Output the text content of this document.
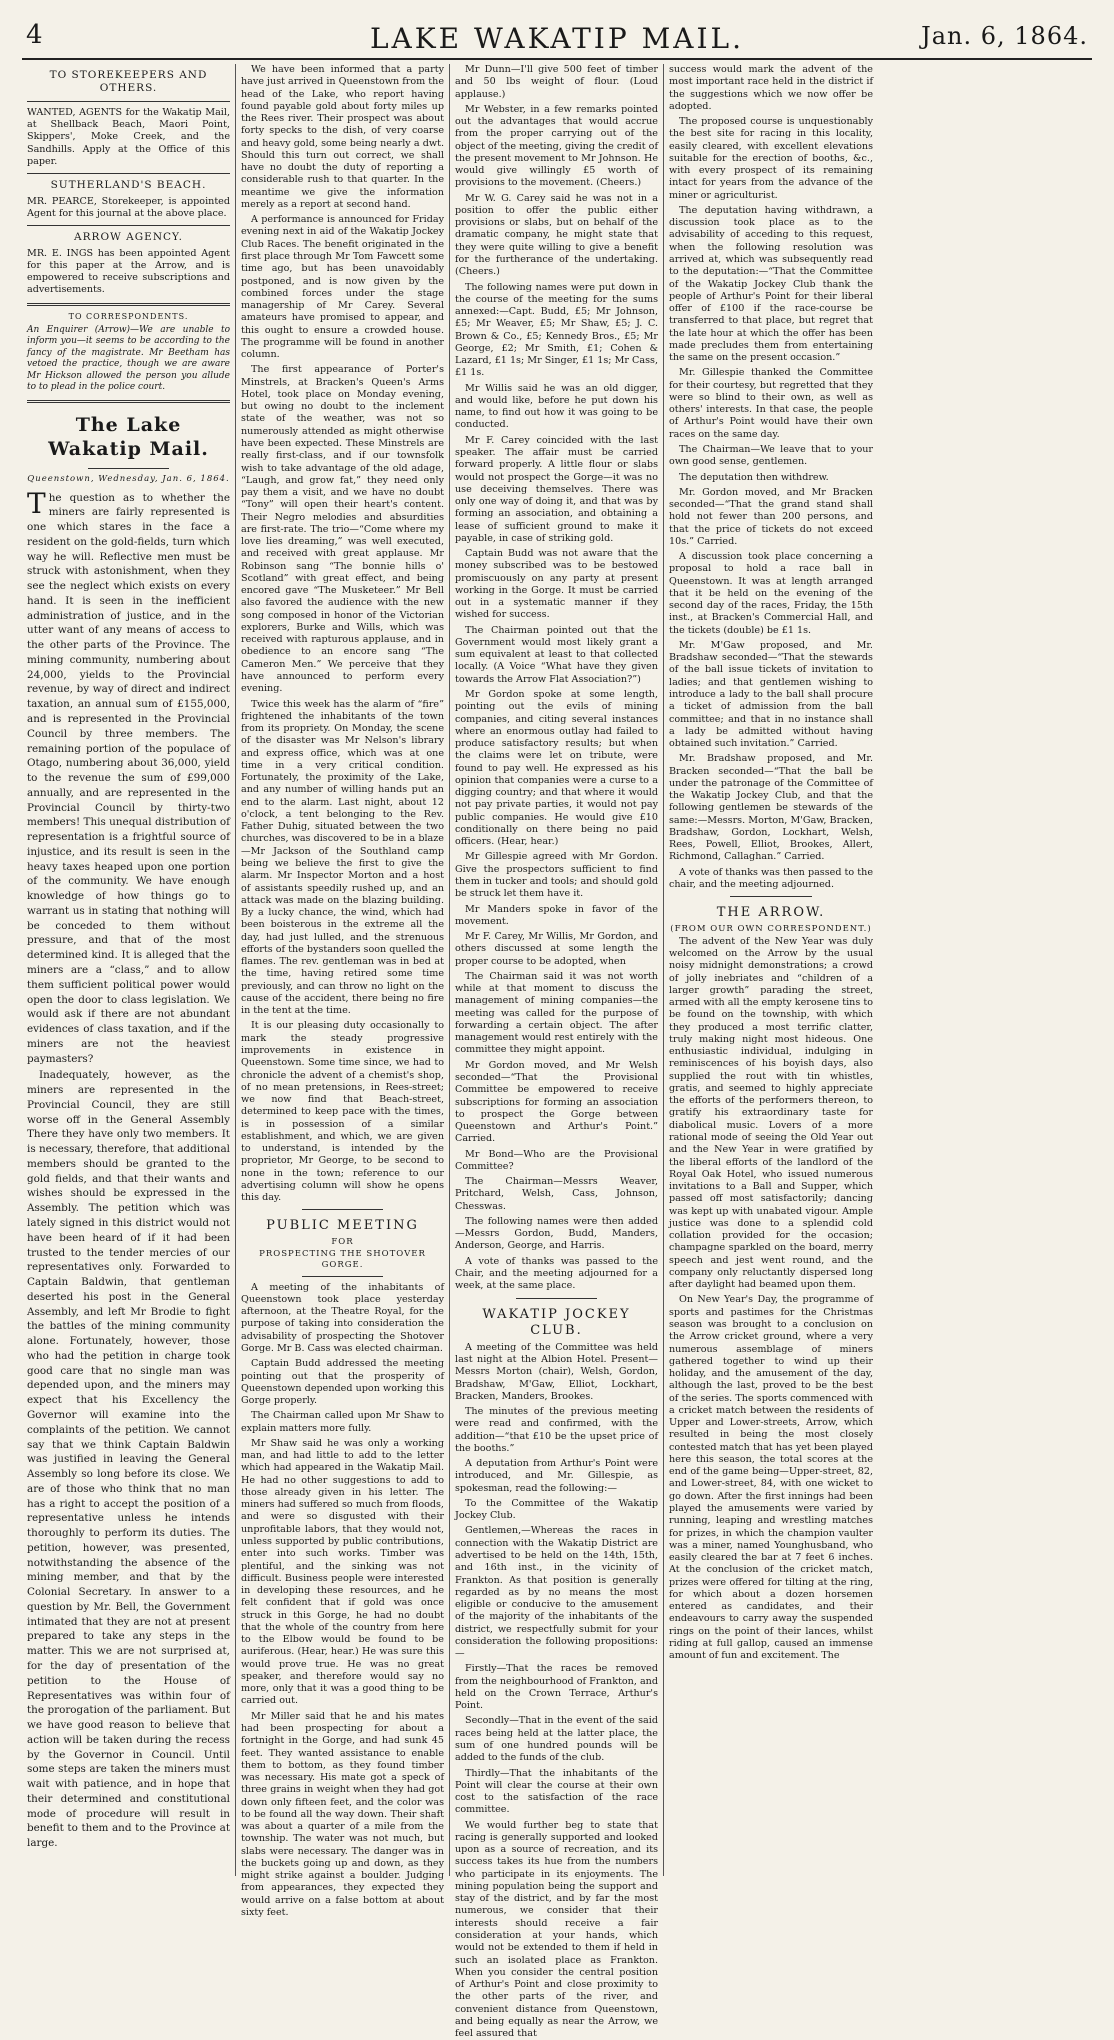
4	LAKE WAKATIP MAIL.	Jan. 6, 1864.
TO STOREKEEPERS AND OTHERS.

WANTED, AGENTS for the Wakatip Mail, at Shellback Beach, Maori Point, Skippers', Moke Creek, and the Sandhills. Apply at the Office of this paper.

SUTHERLAND'S BEACH.

MR. PEARCE, Storekeeper, is appointed Agent for this journal at the above place.

ARROW AGENCY.

MR. E. INGS has been appointed Agent for this paper at the Arrow, and is empowered to receive subscriptions and advertisements.

TO CORRESPONDENTS.

An Enquirer (Arrow)—We are unable to inform you—it seems to be according to the fancy of the magistrate. Mr Beetham has vetoed the practice, though we are aware Mr Hickson allowed the person you allude to to plead in the police court.

The Lake Wakatip Mail.
Queenstown, Wednesday, Jan. 6, 1864.

The question as to whether the miners are fairly represented is one which stares in the face a resident on the gold-fields, turn which way he will. Reflective men must be struck with astonishment, when they see the neglect which exists on every hand. It is seen in the inefficient administration of justice, and in the utter want of any means of access to the other parts of the Province. The mining community, numbering about 24,000, yields to the Provincial revenue, by way of direct and indirect taxation, an annual sum of £155,000, and is represented in the Provincial Council by three members. The remaining portion of the populace of Otago, numbering about 36,000, yield to the revenue the sum of £99,000 annually, and are represented in the Provincial Council by thirty-two members! This unequal distribution of representation is a frightful source of injustice, and its result is seen in the heavy taxes heaped upon one portion of the community. We have enough knowledge of how things go to warrant us in stating that nothing will be conceded to them without pressure, and that of the most determined kind. It is alleged that the miners are a “class,” and to allow them sufficient political power would open the door to class legislation. We would ask if there are not abundant evidences of class taxation, and if the miners are not the heaviest paymasters?

Inadequately, however, as the miners are represented in the Provincial Council, they are still worse off in the General Assembly There they have only two members. It is necessary, therefore, that additional members should be granted to the gold fields, and that their wants and wishes should be expressed in the Assembly. The petition which was lately signed in this district would not have been heard of if it had been trusted to the tender mercies of our representatives only. Forwarded to Captain Baldwin, that gentleman deserted his post in the General Assembly, and left Mr Brodie to fight the battles of the mining community alone. Fortunately, however, those who had the petition in charge took good care that no single man was depended upon, and the miners may expect that his Excellency the Governor will examine into the complaints of the petition. We cannot say that we think Captain Baldwin was justified in leaving the General Assembly so long before its close. We are of those who think that no man has a right to accept the position of a representative unless he intends thoroughly to perform its duties. The petition, however, was presented, notwithstanding the absence of the mining member, and that by the Colonial Secretary. In answer to a question by Mr. Bell, the Government intimated that they are not at present prepared to take any steps in the matter. This we are not surprised at, for the day of presentation of the petition to the House of Representatives was within four of the prorogation of the parliament. But we have good reason to believe that action will be taken during the recess by the Governor in Council. Until some steps are taken the miners must wait with patience, and in hope that their determined and constitutional mode of procedure will result in benefit to them and to the Province at large.

We have been informed that a party have just arrived in Queenstown from the head of the Lake, who report having found payable gold about forty miles up the Rees river. Their prospect was about forty specks to the dish, of very coarse and heavy gold, some being nearly a dwt. Should this turn out correct, we shall have no doubt the duty of reporting a considerable rush to that quarter. In the meantime we give the information merely as a report at second hand.

A performance is announced for Friday evening next in aid of the Wakatip Jockey Club Races. The benefit originated in the first place through Mr Tom Fawcett some time ago, but has been unavoidably postponed, and is now given by the combined forces under the stage managership of Mr Carey. Several amateurs have promised to appear, and this ought to ensure a crowded house. The programme will be found in another column.

The first appearance of Porter's Minstrels, at Bracken's Queen's Arms Hotel, took place on Monday evening, but owing no doubt to the inclement state of the weather, was not so numerously attended as might otherwise have been expected. These Minstrels are really first-class, and if our townsfolk wish to take advantage of the old adage, “Laugh, and grow fat,” they need only pay them a visit, and we have no doubt “Tony” will open their heart's content. Their Negro melodies and absurdities are first-rate. The trio—“Come where my love lies dreaming,” was well executed, and received with great applause. Mr Robinson sang “The bonnie hills o' Scotland” with great effect, and being encored gave “The Musketeer.” Mr Bell also favored the audience with the new song composed in honor of the Victorian explorers, Burke and Wills, which was received with rapturous applause, and in obedience to an encore sang “The Cameron Men.” We perceive that they have announced to perform every evening.

Twice this week has the alarm of “fire” frightened the inhabitants of the town from its propriety. On Monday, the scene of the disaster was Mr Nelson's library and express office, which was at one time in a very critical condition. Fortunately, the proximity of the Lake, and any number of willing hands put an end to the alarm. Last night, about 12 o'clock, a tent belonging to the Rev. Father Duhig, situated between the two churches, was discovered to be in a blaze—Mr Jackson of the Southland camp being we believe the first to give the alarm. Mr Inspector Morton and a host of assistants speedily rushed up, and an attack was made on the blazing building. By a lucky chance, the wind, which had been boisterous in the extreme all the day, had just lulled, and the strenuous efforts of the bystanders soon quelled the flames. The rev. gentleman was in bed at the time, having retired some time previously, and can throw no light on the cause of the accident, there being no fire in the tent at the time.

It is our pleasing duty occasionally to mark the steady progressive improvements in existence in Queenstown. Some time since, we had to chronicle the advent of a chemist's shop, of no mean pretensions, in Rees-street; we now find that Beach-street, determined to keep pace with the times, is in possession of a similar establishment, and which, we are given to understand, is intended by the proprietor, Mr George, to be second to none in the town; reference to our advertising column will show he opens this day.

PUBLIC MEETING
FOR
PROSPECTING THE SHOTOVER GORGE.

A meeting of the inhabitants of Queenstown took place yesterday afternoon, at the Theatre Royal, for the purpose of taking into consideration the advisability of prospecting the Shotover Gorge. Mr B. Cass was elected chairman.

Captain Budd addressed the meeting pointing out that the prosperity of Queenstown depended upon working this Gorge properly.

The Chairman called upon Mr Shaw to explain matters more fully.

Mr Shaw said he was only a working man, and had little to add to the letter which had appeared in the Wakatip Mail. He had no other suggestions to add to those already given in his letter. The miners had suffered so much from floods, and were so disgusted with their unprofitable labors, that they would not, unless supported by public contributions, enter into such works. Timber was plentiful, and the sinking was not difficult. Business people were interested in developing these resources, and he felt confident that if gold was once struck in this Gorge, he had no doubt that the whole of the country from here to the Elbow would be found to be auriferous. (Hear, hear.) He was sure this would prove true. He was no great speaker, and therefore would say no more, only that it was a good thing to be carried out.

Mr Miller said that he and his mates had been prospecting for about a fortnight in the Gorge, and had sunk 45 feet. They wanted assistance to enable them to bottom, as they found timber was necessary. His mate got a speck of three grains in weight when they had got down only fifteen feet, and the color was to be found all the way down. Their shaft was about a quarter of a mile from the township. The water was not much, but slabs were necessary. The danger was in the buckets going up and down, as they might strike against a boulder. Judging from appearances, they expected they would arrive on a false bottom at about sixty feet.

Mr Dunn—I'll give 500 feet of timber and 50 lbs weight of flour. (Loud applause.)

Mr Webster, in a few remarks pointed out the advantages that would accrue from the proper carrying out of the object of the meeting, giving the credit of the present movement to Mr Johnson. He would give willingly £5 worth of provisions to the movement. (Cheers.)

Mr W. G. Carey said he was not in a position to offer the public either provisions or slabs, but on behalf of the dramatic company, he might state that they were quite willing to give a benefit for the furtherance of the undertaking. (Cheers.)

The following names were put down in the course of the meeting for the sums annexed:—Capt. Budd, £5; Mr Johnson, £5; Mr Weaver, £5; Mr Shaw, £5; J. C. Brown & Co., £5; Kennedy Bros., £5; Mr George, £2; Mr Smith, £1; Cohen & Lazard, £1 1s; Mr Singer, £1 1s; Mr Cass, £1 1s.

Mr Willis said he was an old digger, and would like, before he put down his name, to find out how it was going to be conducted.

Mr F. Carey coincided with the last speaker. The affair must be carried forward properly. A little flour or slabs would not prospect the Gorge—it was no use deceiving themselves. There was only one way of doing it, and that was by forming an association, and obtaining a lease of sufficient ground to make it payable, in case of striking gold.

Captain Budd was not aware that the money subscribed was to be bestowed promiscuously on any party at present working in the Gorge. It must be carried out in a systematic manner if they wished for success.

The Chairman pointed out that the Government would most likely grant a sum equivalent at least to that collected locally. (A Voice “What have they given towards the Arrow Flat Association?”)

Mr Gordon spoke at some length, pointing out the evils of mining companies, and citing several instances where an enormous outlay had failed to produce satisfactory results; but when the claims were let on tribute, were found to pay well. He expressed as his opinion that companies were a curse to a digging country; and that where it would not pay private parties, it would not pay public companies. He would give £10 conditionally on there being no paid officers. (Hear, hear.)

Mr Gillespie agreed with Mr Gordon. Give the prospectors sufficient to find them in tucker and tools; and should gold be struck let them have it.

Mr Manders spoke in favor of the movement.

Mr F. Carey, Mr Willis, Mr Gordon, and others discussed at some length the proper course to be adopted, when

The Chairman said it was not worth while at that moment to discuss the management of mining companies—the meeting was called for the purpose of forwarding a certain object. The after management would rest entirely with the committee they might appoint.

Mr Gordon moved, and Mr Welsh seconded—“That the Provisional Committee be empowered to receive subscriptions for forming an association to prospect the Gorge between Queenstown and Arthur's Point.” Carried.

Mr Bond—Who are the Provisional Committee?

The Chairman—Messrs Weaver, Pritchard, Welsh, Cass, Johnson, Chesswas.

The following names were then added—Messrs Gordon, Budd, Manders, Anderson, George, and Harris.

A vote of thanks was passed to the Chair, and the meeting adjourned for a week, at the same place.

WAKATIP JOCKEY CLUB.

A meeting of the Committee was held last night at the Albion Hotel. Present—Messrs Morton (chair), Welsh, Gordon, Bradshaw, M'Gaw, Elliot, Lockhart, Bracken, Manders, Brookes.

The minutes of the previous meeting were read and confirmed, with the addition—“that £10 be the upset price of the booths.”

A deputation from Arthur's Point were introduced, and Mr. Gillespie, as spokesman, read the following:—

To the Committee of the Wakatip Jockey Club.

Gentlemen,—Whereas the races in connection with the Wakatip District are advertised to be held on the 14th, 15th, and 16th inst., in the vicinity of Frankton. As that position is generally regarded as by no means the most eligible or conducive to the amusement of the majority of the inhabitants of the district, we respectfully submit for your consideration the following propositions:—

Firstly—That the races be removed from the neighbourhood of Frankton, and held on the Crown Terrace, Arthur's Point.

Secondly—That in the event of the said races being held at the latter place, the sum of one hundred pounds will be added to the funds of the club.

Thirdly—That the inhabitants of the Point will clear the course at their own cost to the satisfaction of the race committee.

We would further beg to state that racing is generally supported and looked upon as a source of recreation, and its success takes its hue from the numbers who participate in its enjoyments. The mining population being the support and stay of the district, and by far the most numerous, we consider that their interests should receive a fair consideration at your hands, which would not be extended to them if held in such an isolated place as Frankton. When you consider the central position of Arthur's Point and close proximity to the other parts of the river, and convenient distance from Queenstown, and being equally as near the Arrow, we feel assured that

success would mark the advent of the most important race held in the district if the suggestions which we now offer be adopted.

The proposed course is unquestionably the best site for racing in this locality, easily cleared, with excellent elevations suitable for the erection of booths, &c., with every prospect of its remaining intact for years from the advance of the miner or agriculturist.

The deputation having withdrawn, a discussion took place as to the advisability of acceding to this request, when the following resolution was arrived at, which was subsequently read to the deputation:—“That the Committee of the Wakatip Jockey Club thank the people of Arthur's Point for their liberal offer of £100 if the race-course be transferred to that place, but regret that the late hour at which the offer has been made precludes them from entertaining the same on the present occasion.”

Mr. Gillespie thanked the Committee for their courtesy, but regretted that they were so blind to their own, as well as others' interests. In that case, the people of Arthur's Point would have their own races on the same day.

The Chairman—We leave that to your own good sense, gentlemen.

The deputation then withdrew.

Mr. Gordon moved, and Mr Bracken seconded—“That the grand stand shall hold not fewer than 200 persons, and that the price of tickets do not exceed 10s.” Carried.

A discussion took place concerning a proposal to hold a race ball in Queenstown. It was at length arranged that it be held on the evening of the second day of the races, Friday, the 15th inst., at Bracken's Commercial Hall, and the tickets (double) be £1 1s.

Mr. M'Gaw proposed, and Mr. Bradshaw seconded—“That the stewards of the ball issue tickets of invitation to ladies; and that gentlemen wishing to introduce a lady to the ball shall procure a ticket of admission from the ball committee; and that in no instance shall a lady be admitted without having obtained such invitation.” Carried.

Mr. Bradshaw proposed, and Mr. Bracken seconded—“That the ball be under the patronage of the Committee of the Wakatip Jockey Club, and that the following gentlemen be stewards of the same:—Messrs. Morton, M'Gaw, Bracken, Bradshaw, Gordon, Lockhart, Welsh, Rees, Powell, Elliot, Brookes, Allert, Richmond, Callaghan.” Carried.

A vote of thanks was then passed to the chair, and the meeting adjourned.

THE ARROW.
(FROM OUR OWN CORRESPONDENT.)

The advent of the New Year was duly welcomed on the Arrow by the usual noisy midnight demonstrations; a crowd of jolly inebriates and “children of a larger growth” parading the street, armed with all the empty kerosene tins to be found on the township, with which they produced a most terrific clatter, truly making night most hideous. One enthusiastic individual, indulging in reminiscences of his boyish days, also supplied the rout with tin whistles, gratis, and seemed to highly appreciate the efforts of the performers thereon, to gratify his extraordinary taste for diabolical music. Lovers of a more rational mode of seeing the Old Year out and the New Year in were gratified by the liberal efforts of the landlord of the Royal Oak Hotel, who issued numerous invitations to a Ball and Supper, which passed off most satisfactorily; dancing was kept up with unabated vigour. Ample justice was done to a splendid cold collation provided for the occasion; champagne sparkled on the board, merry speech and jest went round, and the company only reluctantly dispersed long after daylight had beamed upon them.

On New Year's Day, the programme of sports and pastimes for the Christmas season was brought to a conclusion on the Arrow cricket ground, where a very numerous assemblage of miners gathered together to wind up their holiday, and the amusement of the day, although the last, proved to be the best of the series. The sports commenced with a cricket match between the residents of Upper and Lower-streets, Arrow, which resulted in being the most closely contested match that has yet been played here this season, the total scores at the end of the game being—Upper-street, 82, and Lower-street, 84, with one wicket to go down. After the first innings had been played the amusements were varied by running, leaping and wrestling matches for prizes, in which the champion vaulter was a miner, named Younghusband, who easily cleared the bar at 7 feet 6 inches. At the conclusion of the cricket match, prizes were offered for tilting at the ring, for which about a dozen horsemen entered as candidates, and their endeavours to carry away the suspended rings on the point of their lances, whilst riding at full gallop, caused an immense amount of fun and excitement. The
